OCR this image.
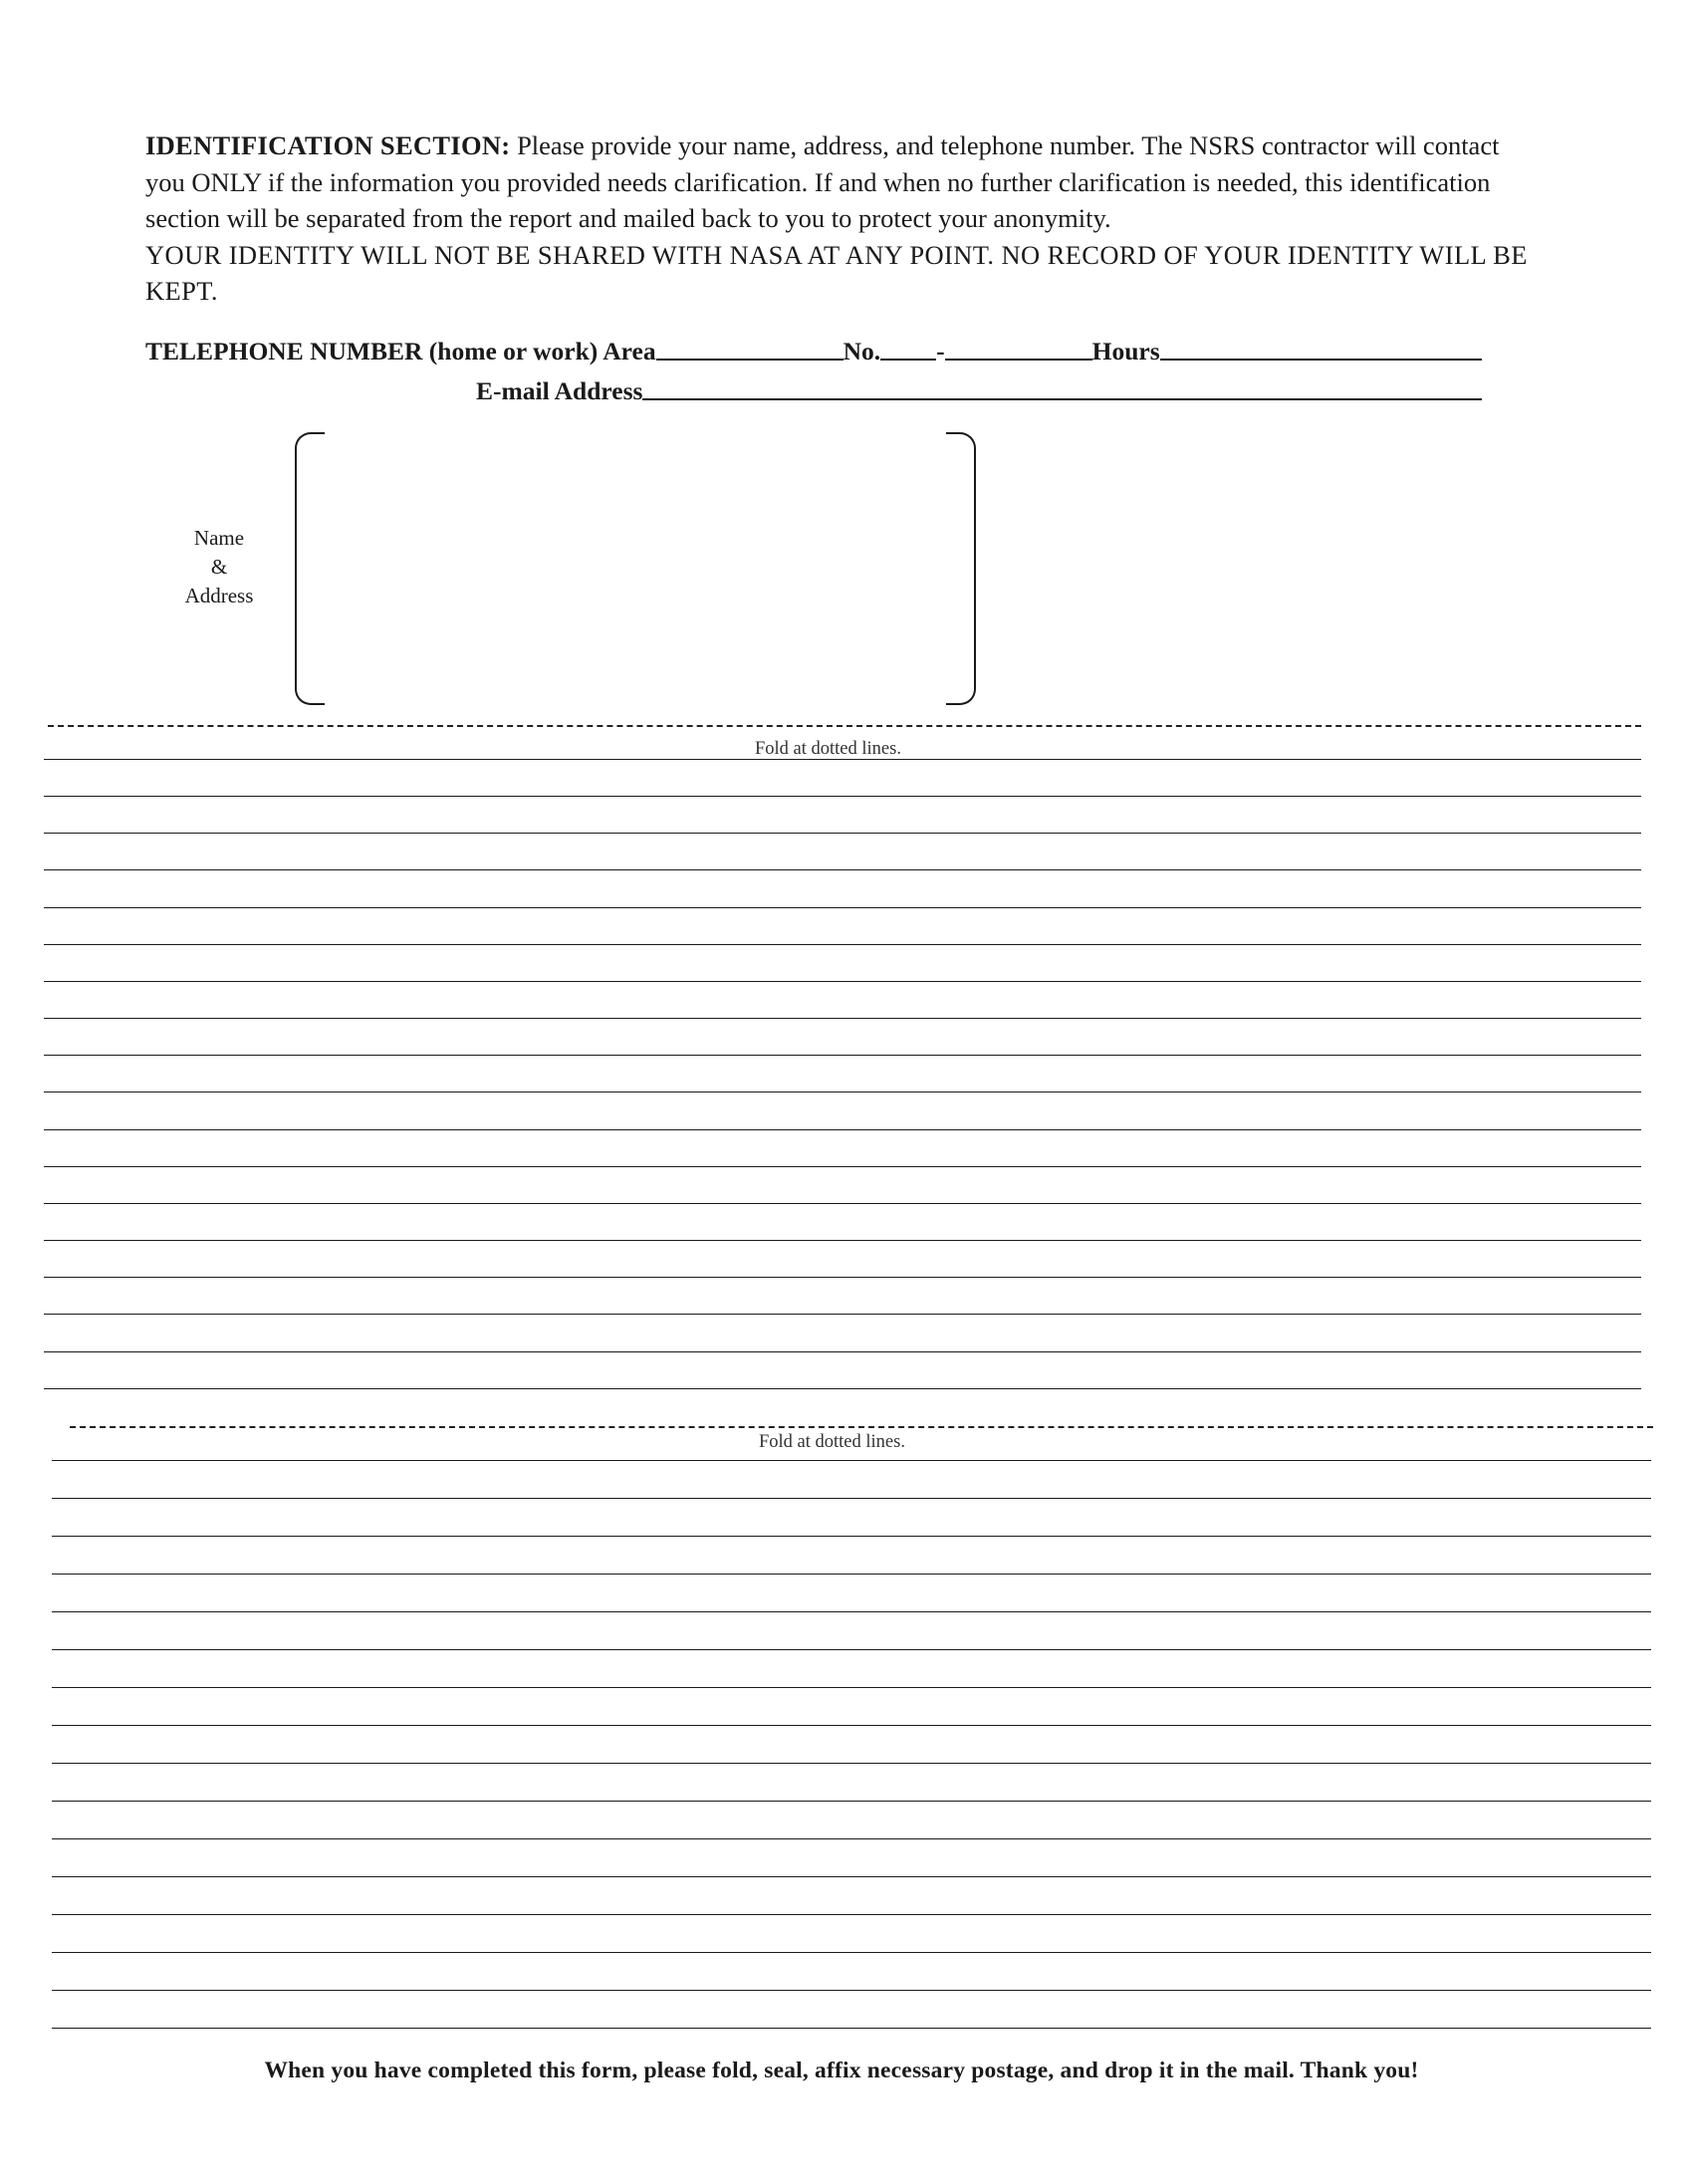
IDENTIFICATION SECTION: Please provide your name, address, and telephone number. The NSRS contractor will contact you ONLY if the information you provided needs clarification. If and when no further clarification is needed, this identification section will be separated from the report and mailed back to you to protect your anonymity.

YOUR IDENTITY WILL NOT BE SHARED WITH NASA AT ANY POINT. NO RECORD OF YOUR IDENTITY WILL BE KEPT.

TELEPHONE NUMBER (home or work) Area	No. -	Hours
E-mail Address
Name
&
Address
Fold at dotted lines.
Fold at dotted lines.
When you have completed this form, please fold, seal, affix necessary postage, and drop it in the mail. Thank you!
